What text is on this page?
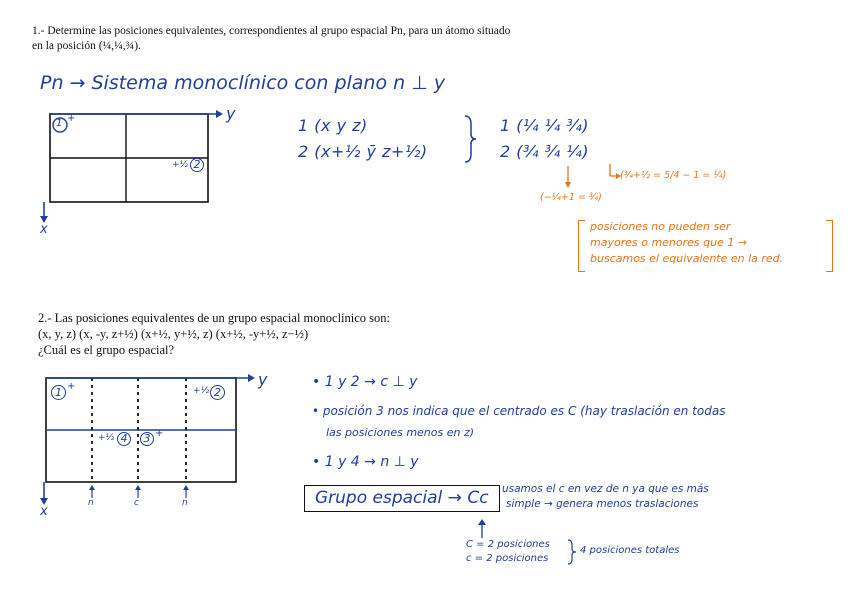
1.- Determine las posiciones equivalentes, correspondientes al grupo espacial Pn, para un átomo situado
en la posición (¼,¼,¾).
Pn → Sistema monoclínico con plano n ⊥ y
1 +
+½ 2
y
x
1 (x y z)
2 (x+½ ȳ z+½)
1 (¼ ¼ ¾)
2 (¾ ¾ ¼)
(¾+½ = 5/4 − 1 = ¼)
(−¼+1 = ¾)
posiciones no pueden ser
mayores o menores que 1 →
buscamos el equivalente en la red.
2.- Las posiciones equivalentes de un grupo espacial monoclínico son:
(x, y, z) (x, -y, z+½) (x+½, y+½, z) (x+½, -y+½, z−½)
¿Cuál es el grupo espacial?
1 +	+½ 2
+½ 4	3 +
y
x
n	c	n
• 1 y 2 → c ⊥ y
• posición 3 nos indica que el centrado es C (hay traslación en todas
las posiciones menos en z)
• 1 y 4 → n ⊥ y
Grupo espacial → Cc	usamos el c en vez de n ya que es más
simple → genera menos traslaciones
C = 2 posiciones
c = 2 posiciones
4 posiciones totales
